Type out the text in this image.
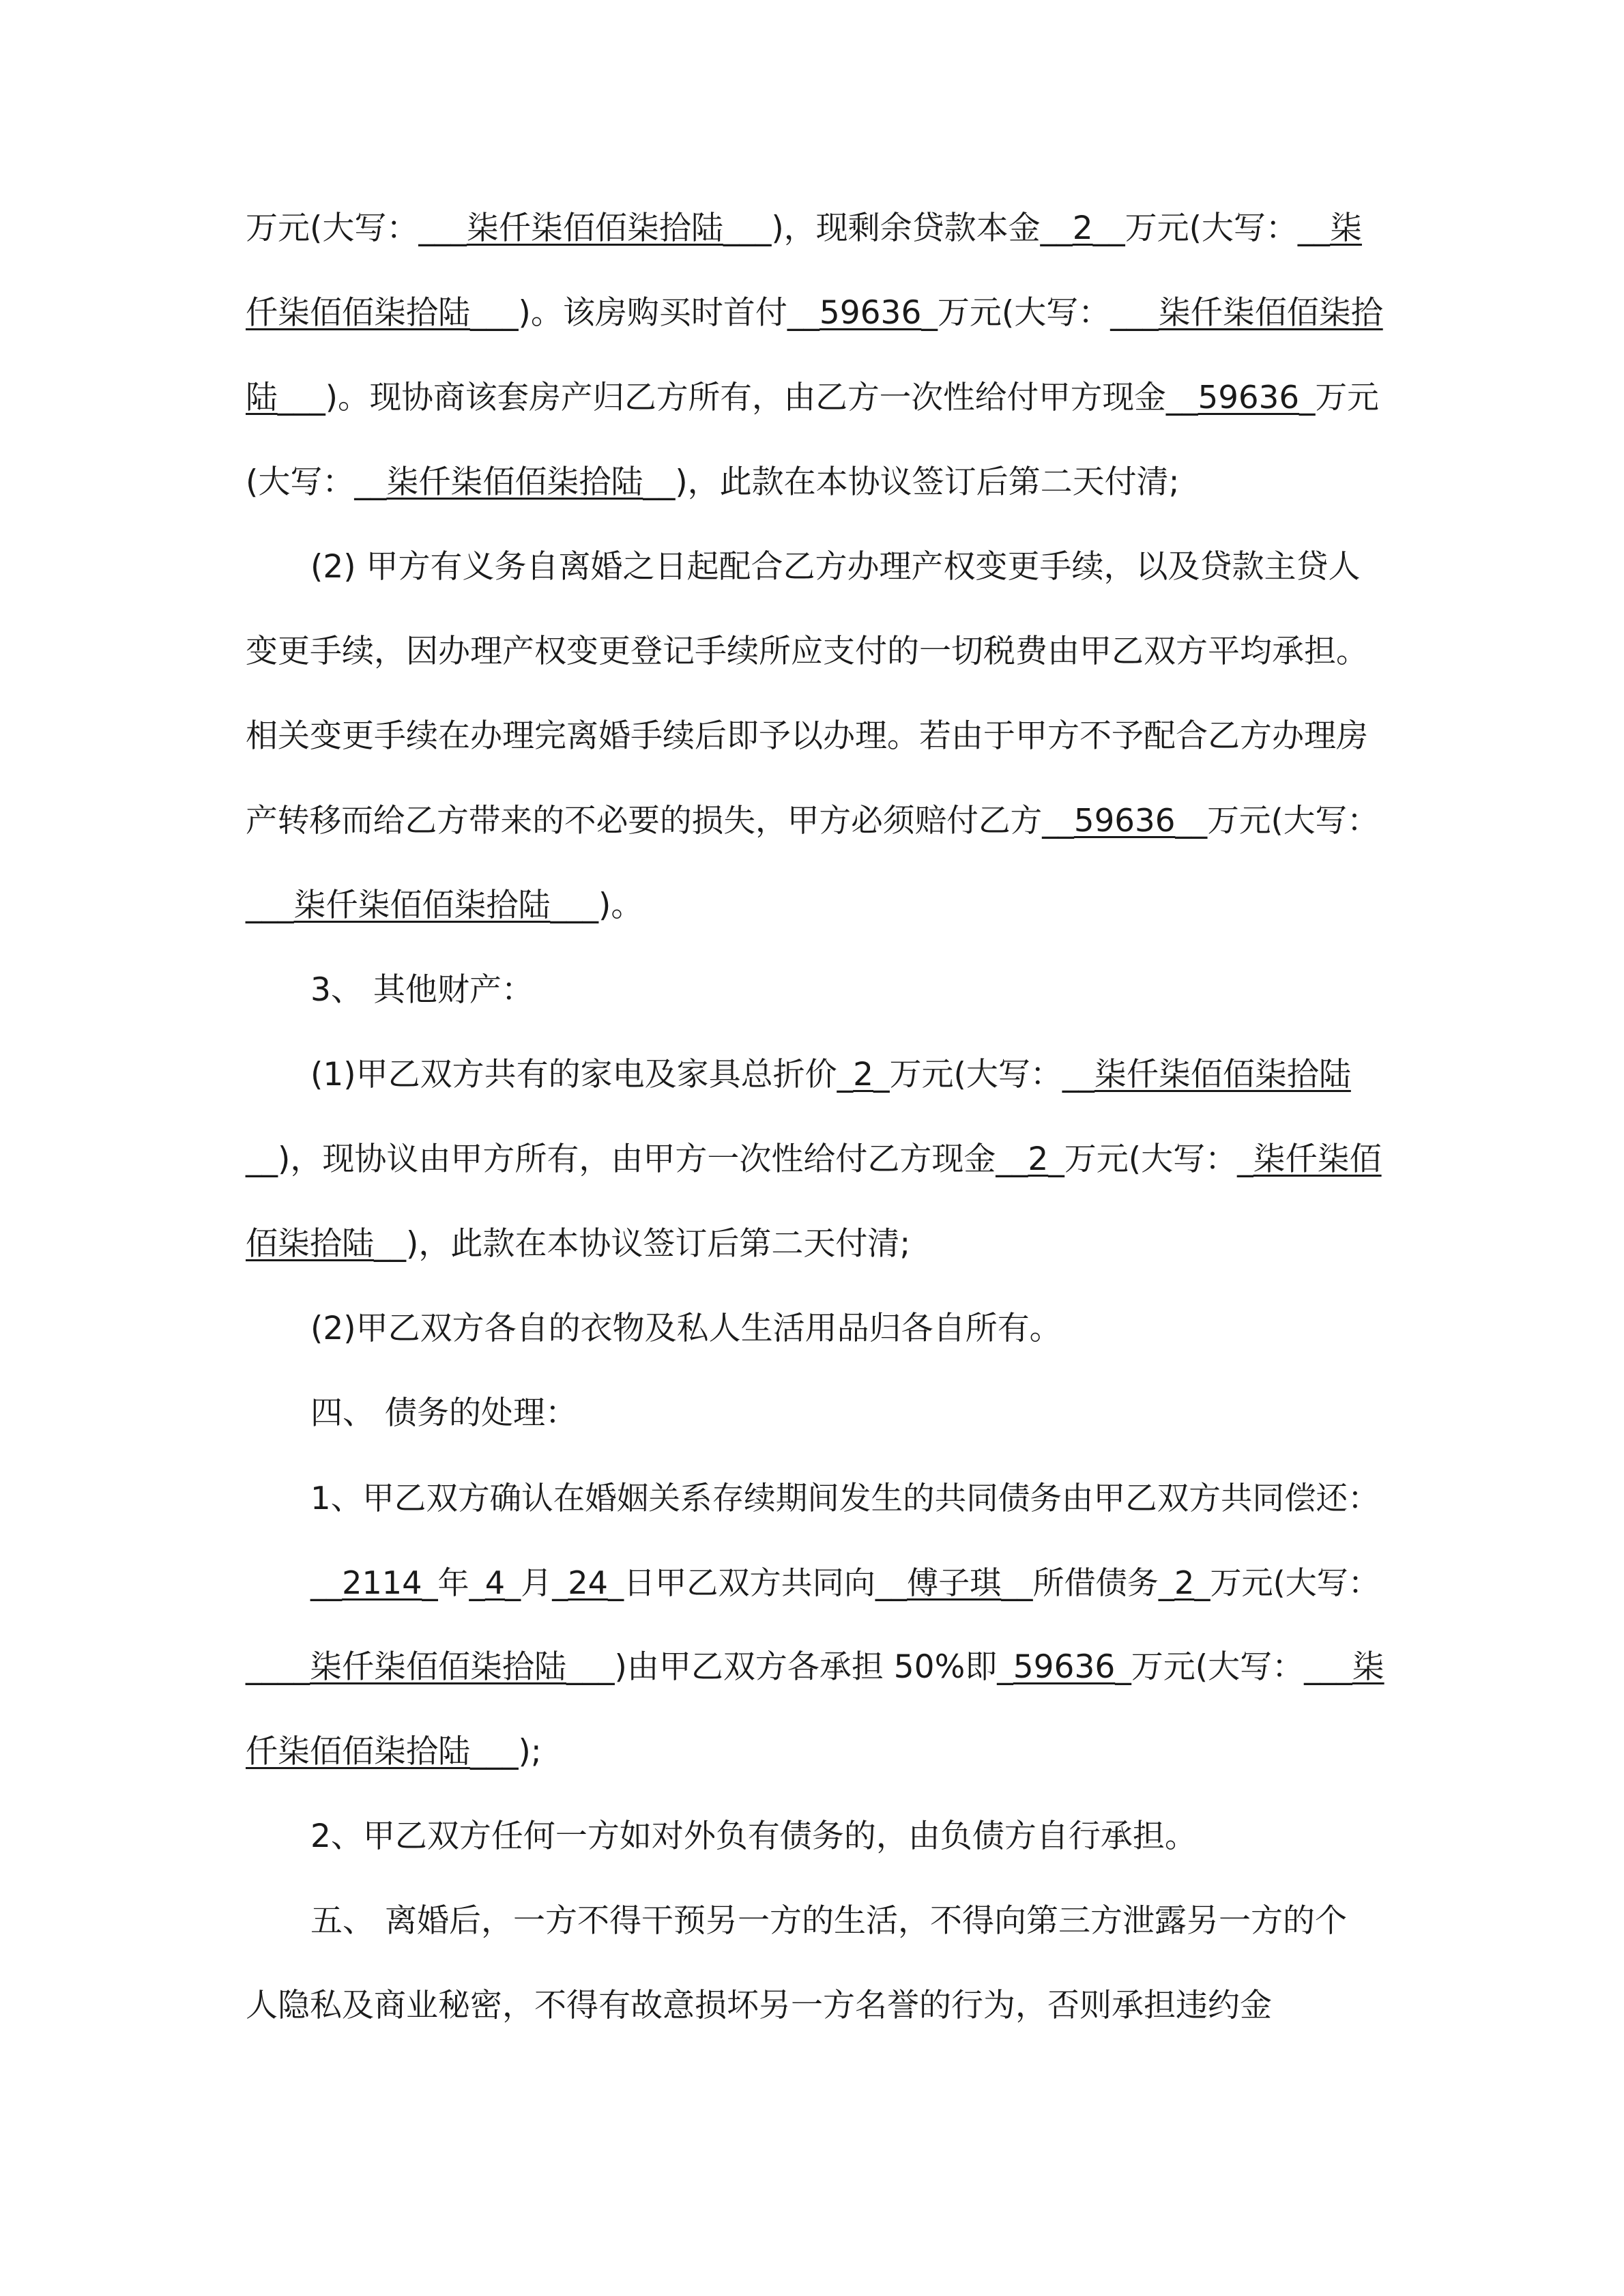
万元(大写：___柒仟柒佰佰柒拾陆___)，现剩余贷款本金__2__万元(大写：__柒
仟柒佰佰柒拾陆___)。该房购买时首付__59636_万元(大写：___柒仟柒佰佰柒拾
陆___)。现协商该套房产归乙方所有，由乙方一次性给付甲方现金__59636_万元
(大写：__柒仟柒佰佰柒拾陆__)，此款在本协议签订后第二天付清;
(2) 甲方有义务自离婚之日起配合乙方办理产权变更手续，以及贷款主贷人
变更手续，因办理产权变更登记手续所应支付的一切税费由甲乙双方平均承担。
相关变更手续在办理完离婚手续后即予以办理。若由于甲方不予配合乙方办理房
产转移而给乙方带来的不必要的损失，甲方必须赔付乙方__59636__万元(大写：
___柒仟柒佰佰柒拾陆___)。
3、 其他财产：
(1)甲乙双方共有的家电及家具总折价_2_万元(大写：__柒仟柒佰佰柒拾陆
__)，现协议由甲方所有，由甲方一次性给付乙方现金__2_万元(大写：_柒仟柒佰
佰柒拾陆__)，此款在本协议签订后第二天付清;
(2)甲乙双方各自的衣物及私人生活用品归各自所有。
四、 债务的处理：
1、甲乙双方确认在婚姻关系存续期间发生的共同债务由甲乙双方共同偿还：
__2114_年_4_月_24_日甲乙双方共同向__傅子琪__所借债务_2_万元(大写：
____柒仟柒佰佰柒拾陆___)由甲乙双方各承担 50%即_59636_万元(大写：___柒
仟柒佰佰柒拾陆___);
2、甲乙双方任何一方如对外负有债务的，由负债方自行承担。
五、 离婚后，一方不得干预另一方的生活，不得向第三方泄露另一方的个
人隐私及商业秘密，不得有故意损坏另一方名誉的行为，否则承担违约金
